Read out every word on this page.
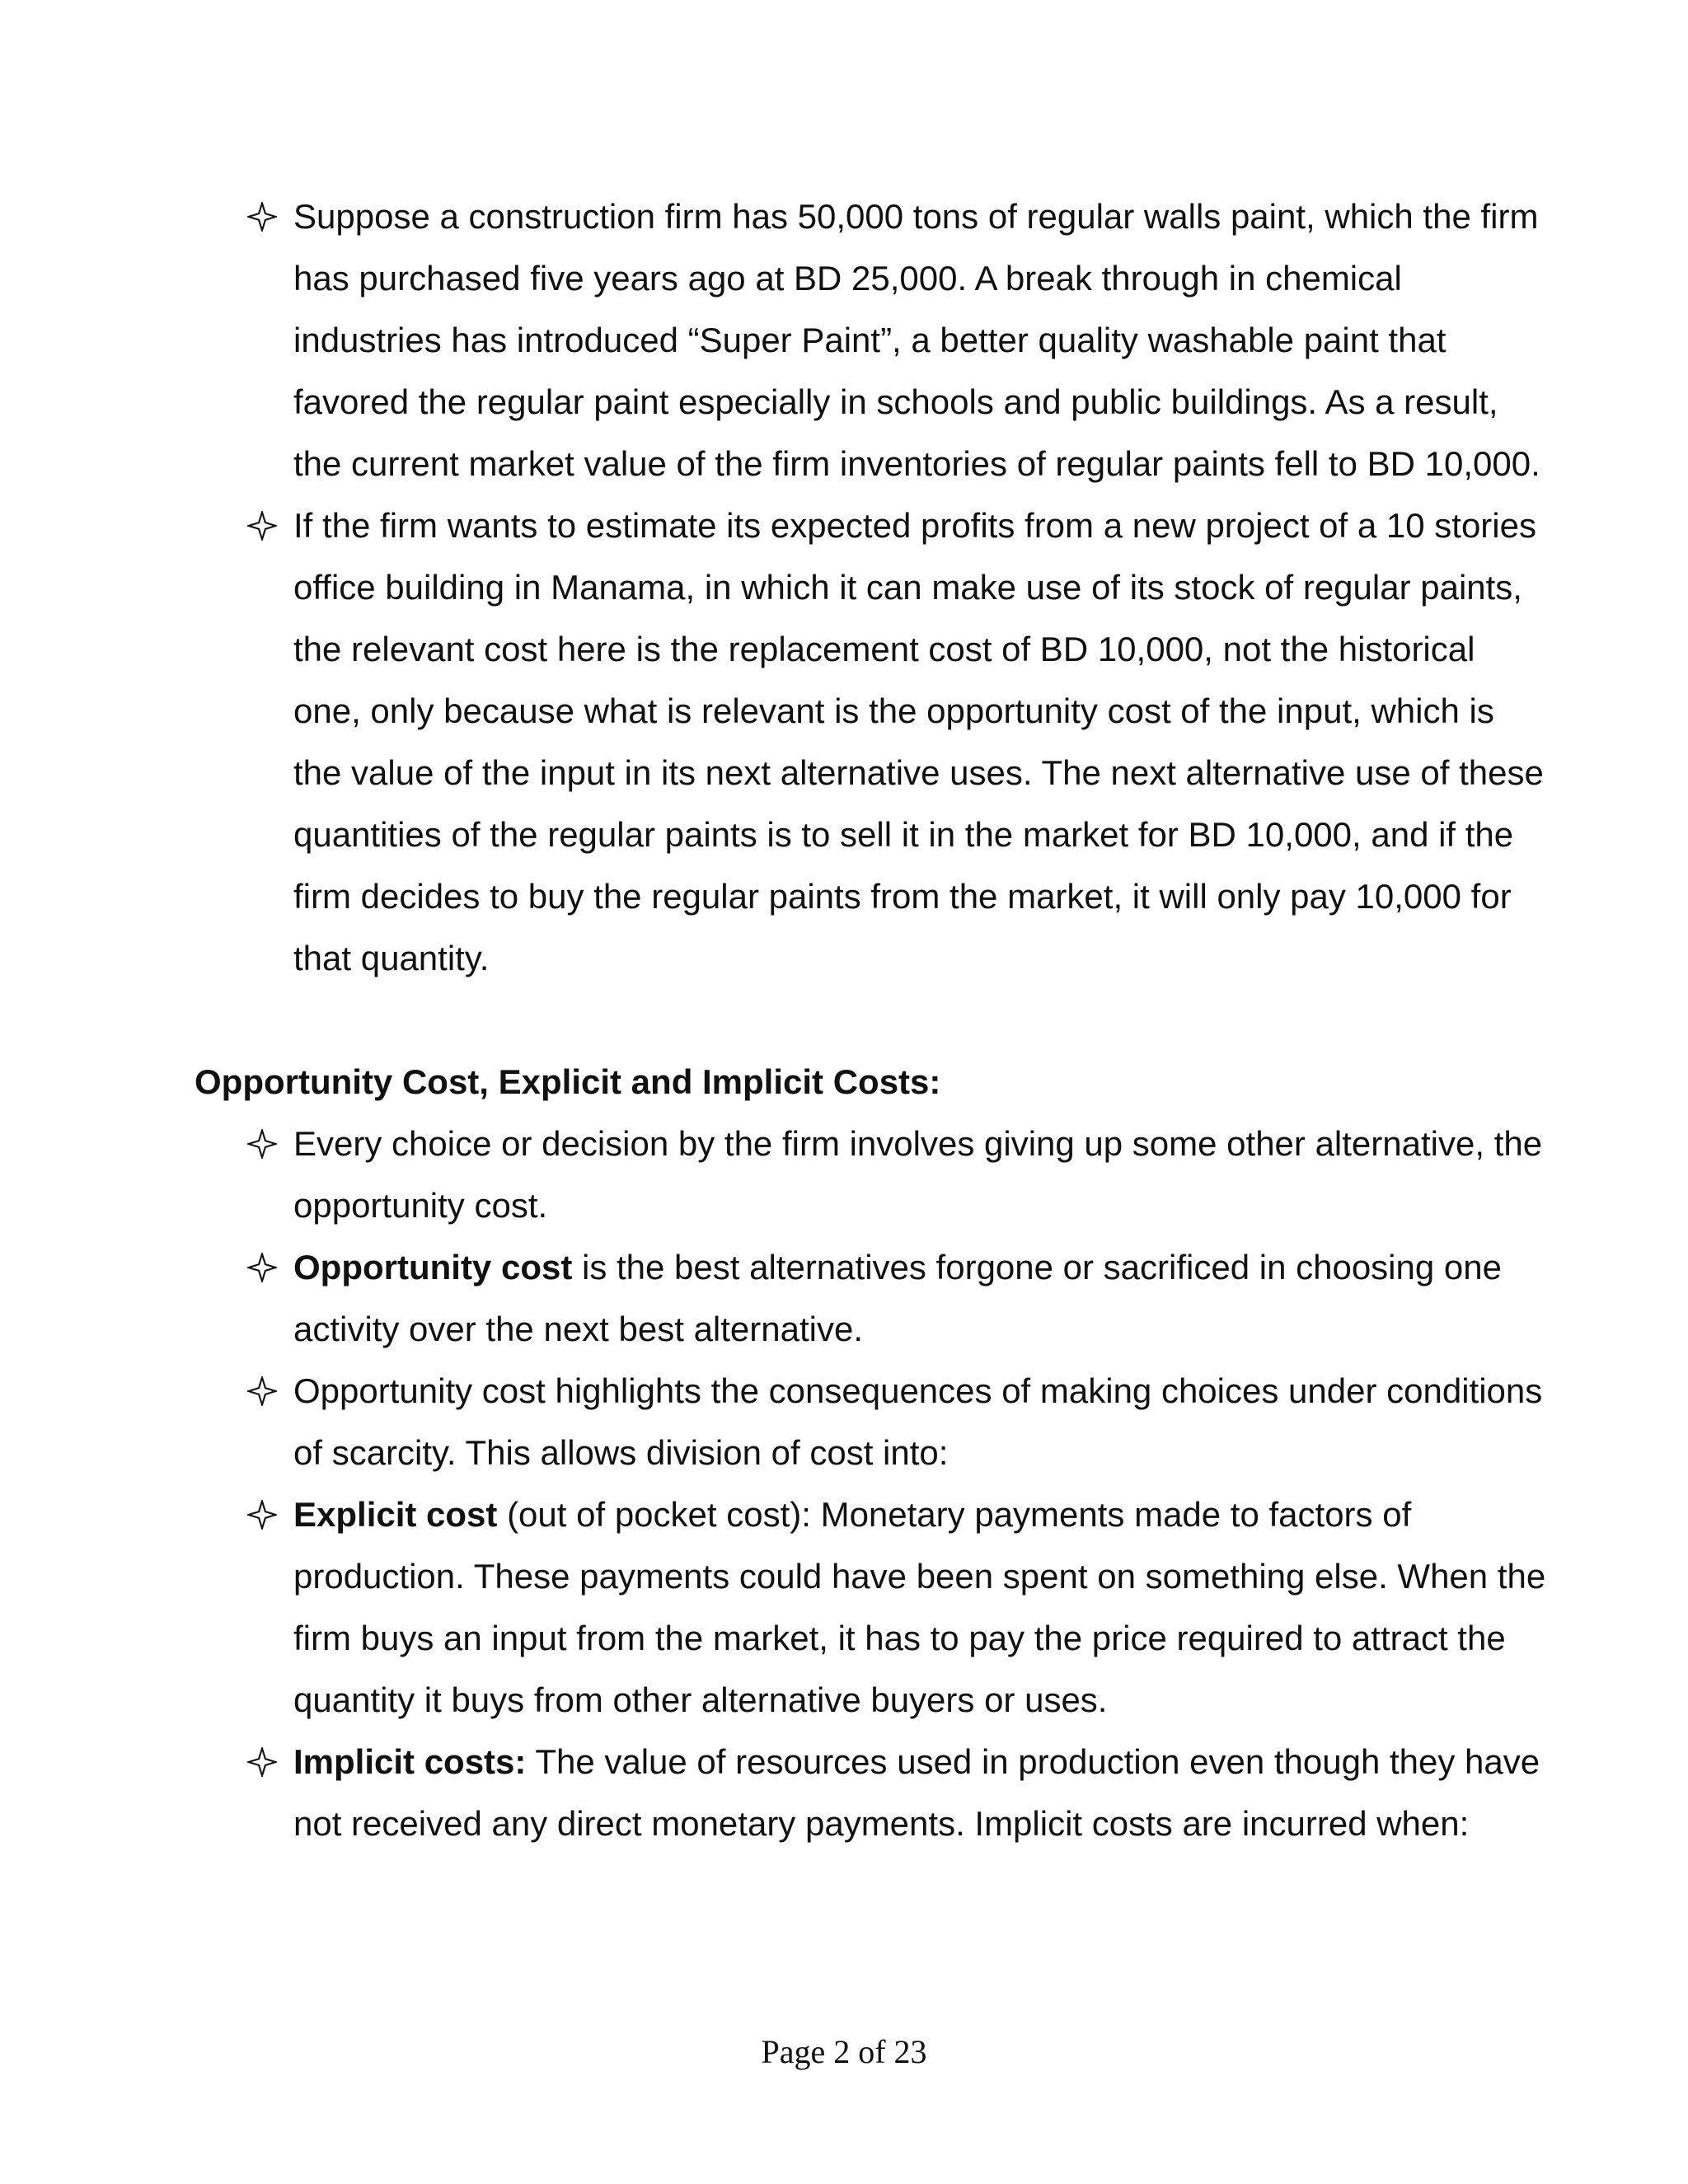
Suppose a construction firm has 50,000 tons of regular walls paint, which the firm has purchased five years ago at BD 25,000. A break through in chemical industries has introduced “Super Paint”, a better quality washable paint that favored the regular paint especially in schools and public buildings. As a result, the current market value of the firm inventories of regular paints fell to BD 10,000.
If the firm wants to estimate its expected profits from a new project of a 10 stories office building in Manama, in which it can make use of its stock of regular paints, the relevant cost here is the replacement cost of BD 10,000, not the historical one, only because what is relevant is the opportunity cost of the input, which is the value of the input in its next alternative uses. The next alternative use of these quantities of the regular paints is to sell it in the market for BD 10,000, and if the firm decides to buy the regular paints from the market, it will only pay 10,000 for that quantity.
Opportunity Cost, Explicit and Implicit Costs:
Every choice or decision by the firm involves giving up some other alternative, the opportunity cost.
Opportunity cost is the best alternatives forgone or sacrificed in choosing one activity over the next best alternative.
Opportunity cost highlights the consequences of making choices under conditions of scarcity. This allows division of cost into:
Explicit cost (out of pocket cost): Monetary payments made to factors of production. These payments could have been spent on something else. When the firm buys an input from the market, it has to pay the price required to attract the quantity it buys from other alternative buyers or uses.
Implicit costs: The value of resources used in production even though they have not received any direct monetary payments. Implicit costs are incurred when:
Page 2 of 23
